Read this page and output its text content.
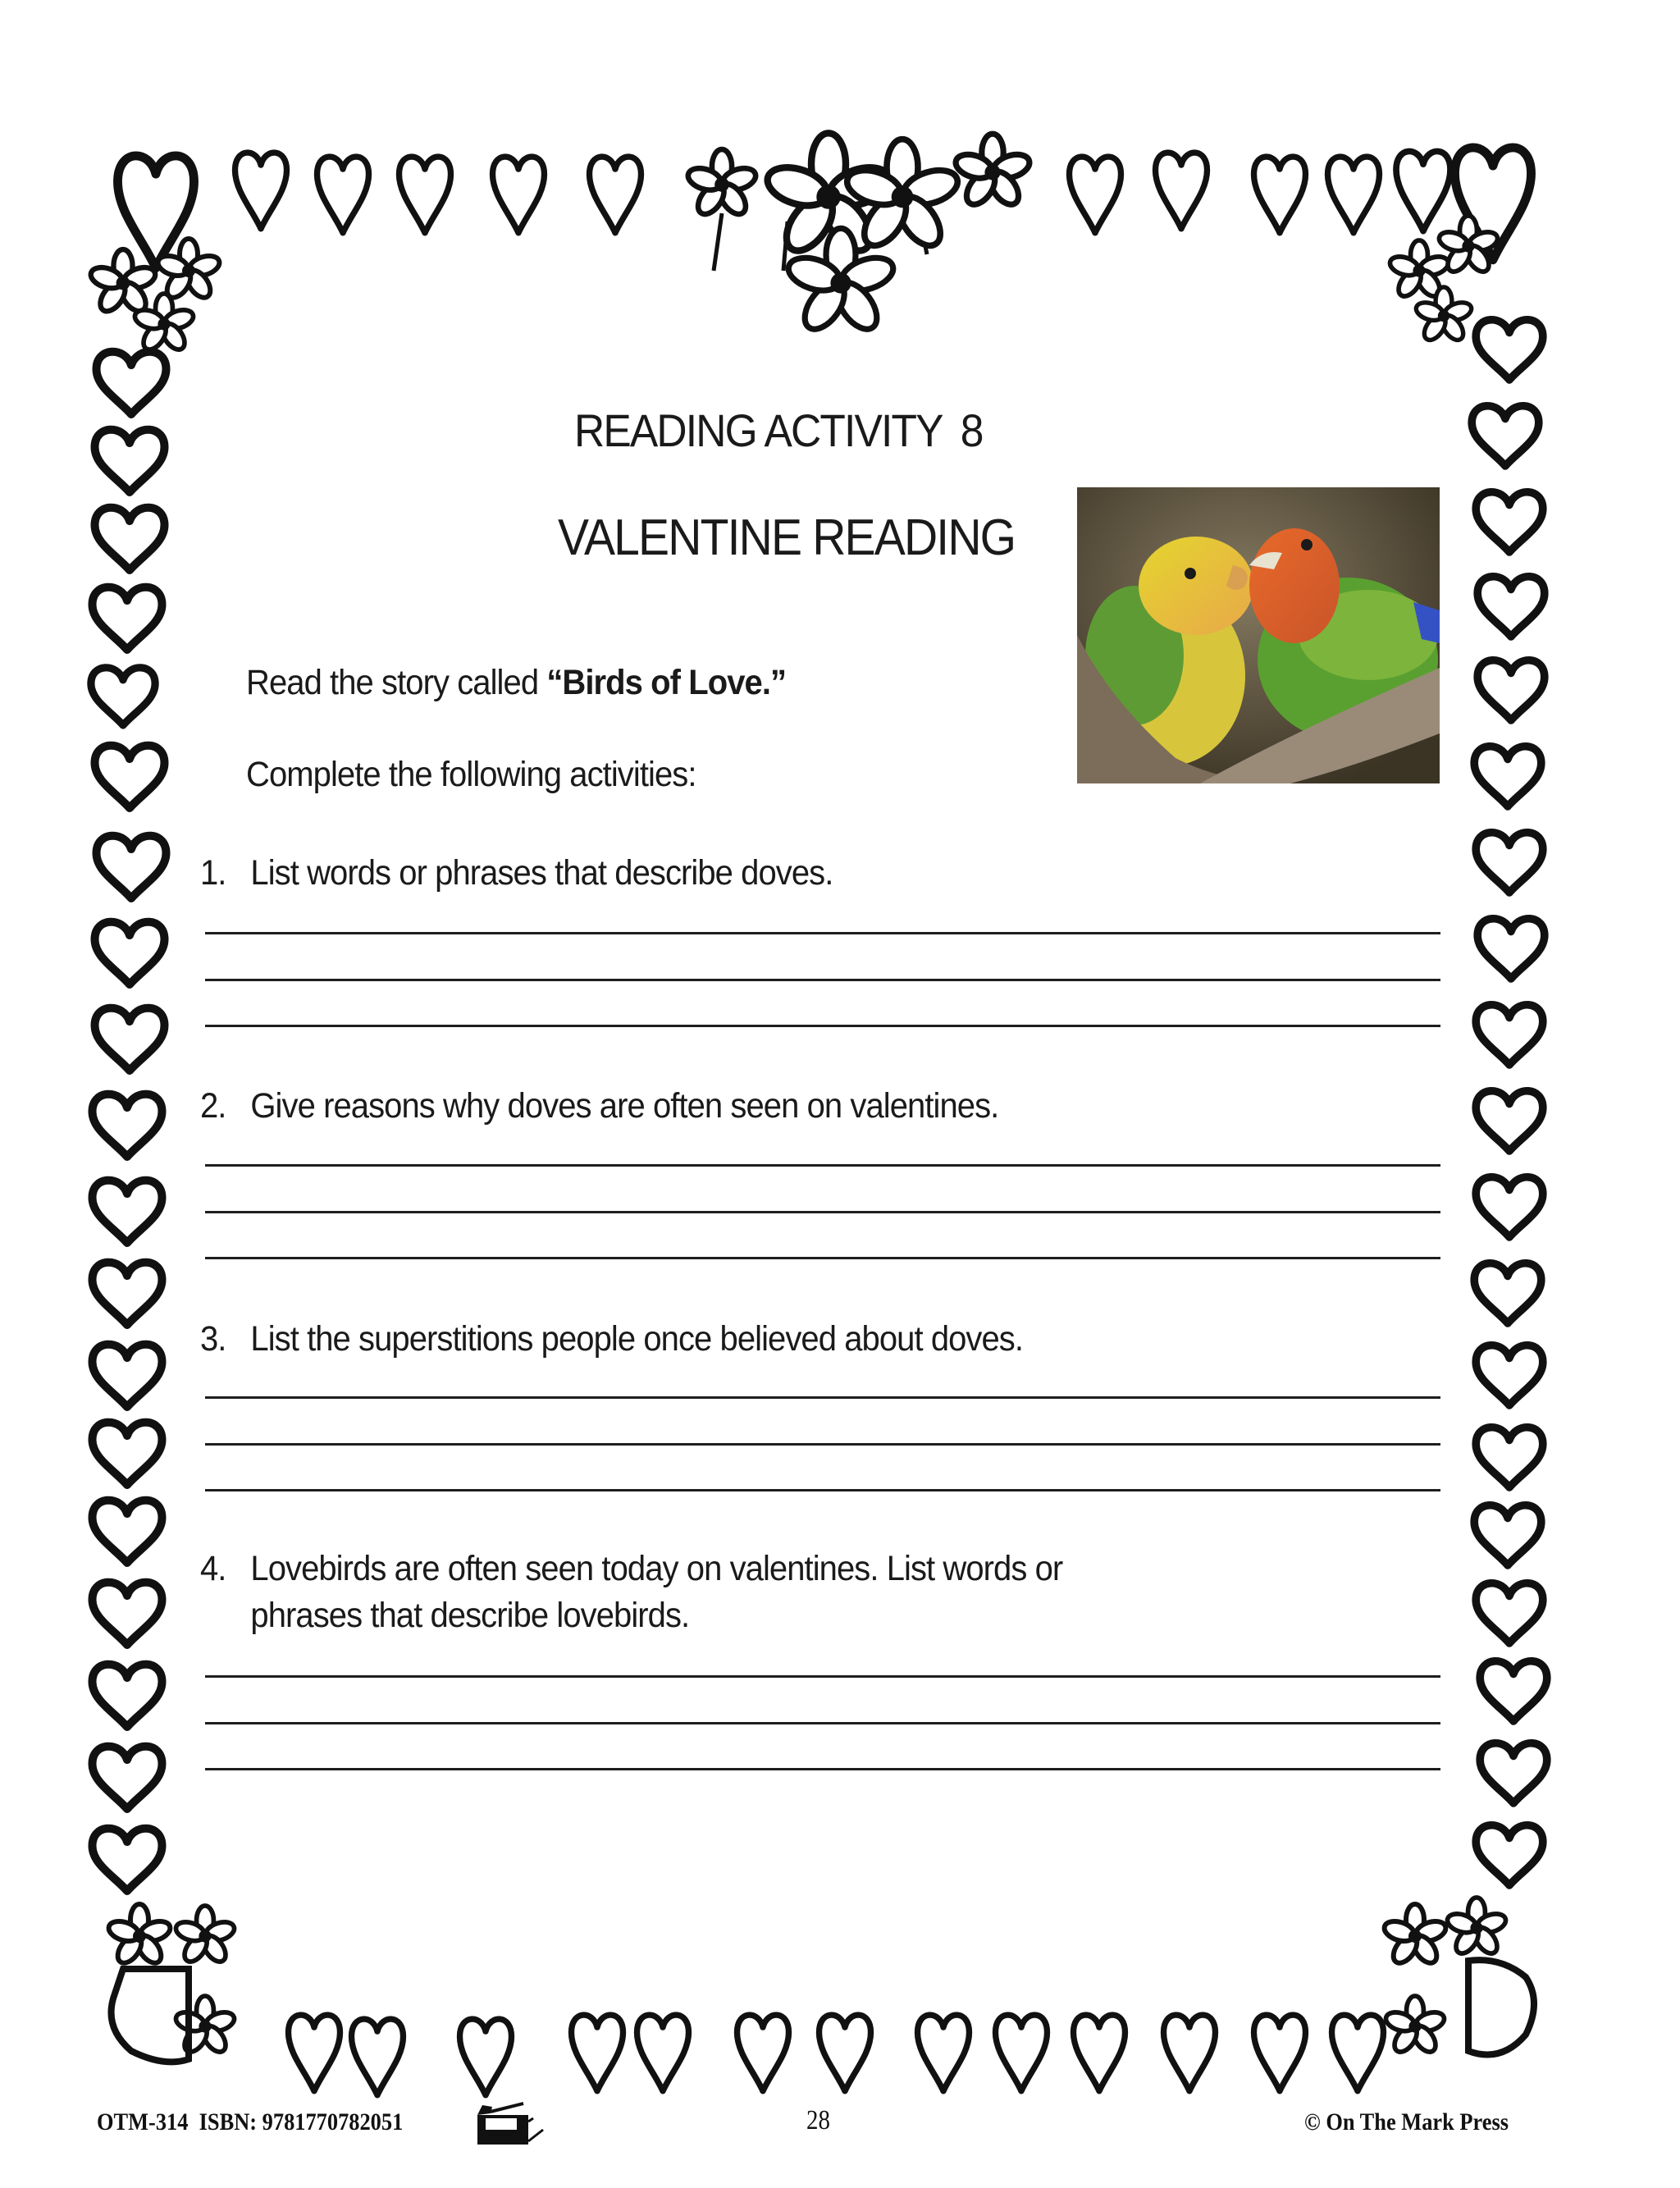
READING ACTIVITY 8
VALENTINE READING
Read the story called “Birds of Love.”
Complete the following activities:
1. List words or phrases that describe doves.
2. Give reasons why doves are often seen on valentines.
3. List the superstitions people once believed about doves.
4. Lovebirds are often seen today on valentines. List words or
phrases that describe lovebirds.
OTM-314 ISBN: 9781770782051	28	© On The Mark Press
